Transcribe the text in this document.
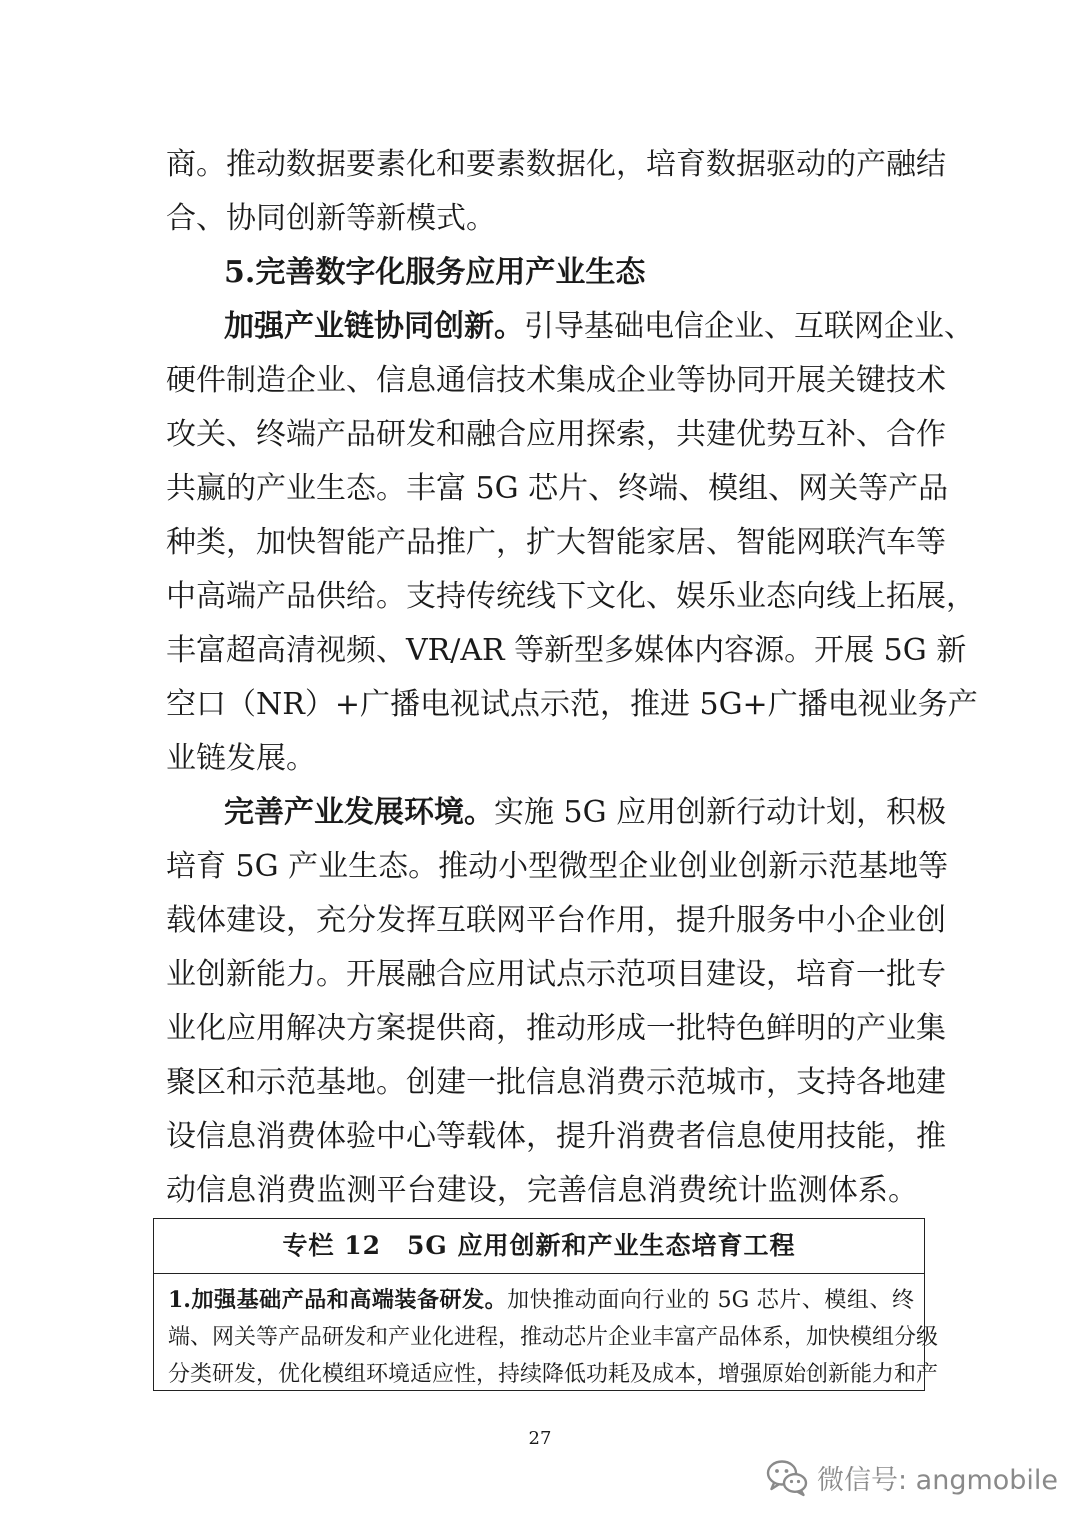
商。推动数据要素化和要素数据化，培育数据驱动的产融结
合、协同创新等新模式。
5.完善数字化服务应用产业生态
加强产业链协同创新。引导基础电信企业、互联网企业、
硬件制造企业、信息通信技术集成企业等协同开展关键技术
攻关、终端产品研发和融合应用探索，共建优势互补、合作
共赢的产业生态。丰富 5G 芯片、终端、模组、网关等产品
种类，加快智能产品推广，扩大智能家居、智能网联汽车等
中高端产品供给。支持传统线下文化、娱乐业态向线上拓展，
丰富超高清视频、VR/AR 等新型多媒体内容源。开展 5G 新
空口（NR）+广播电视试点示范，推进 5G+广播电视业务产
业链发展。
完善产业发展环境。实施 5G 应用创新行动计划，积极
培育 5G 产业生态。推动小型微型企业创业创新示范基地等
载体建设，充分发挥互联网平台作用，提升服务中小企业创
业创新能力。开展融合应用试点示范项目建设，培育一批专
业化应用解决方案提供商，推动形成一批特色鲜明的产业集
聚区和示范基地。创建一批信息消费示范城市，支持各地建
设信息消费体验中心等载体，提升消费者信息使用技能，推
动信息消费监测平台建设，完善信息消费统计监测体系。
专栏 12　5G 应用创新和产业生态培育工程
1.加强基础产品和高端装备研发。加快推动面向行业的 5G 芯片、模组、终
端、网关等产品研发和产业化进程，推动芯片企业丰富产品体系，加快模组分级
分类研发，优化模组环境适应性，持续降低功耗及成本，增强原始创新能力和产
27
微信号: angmobile
